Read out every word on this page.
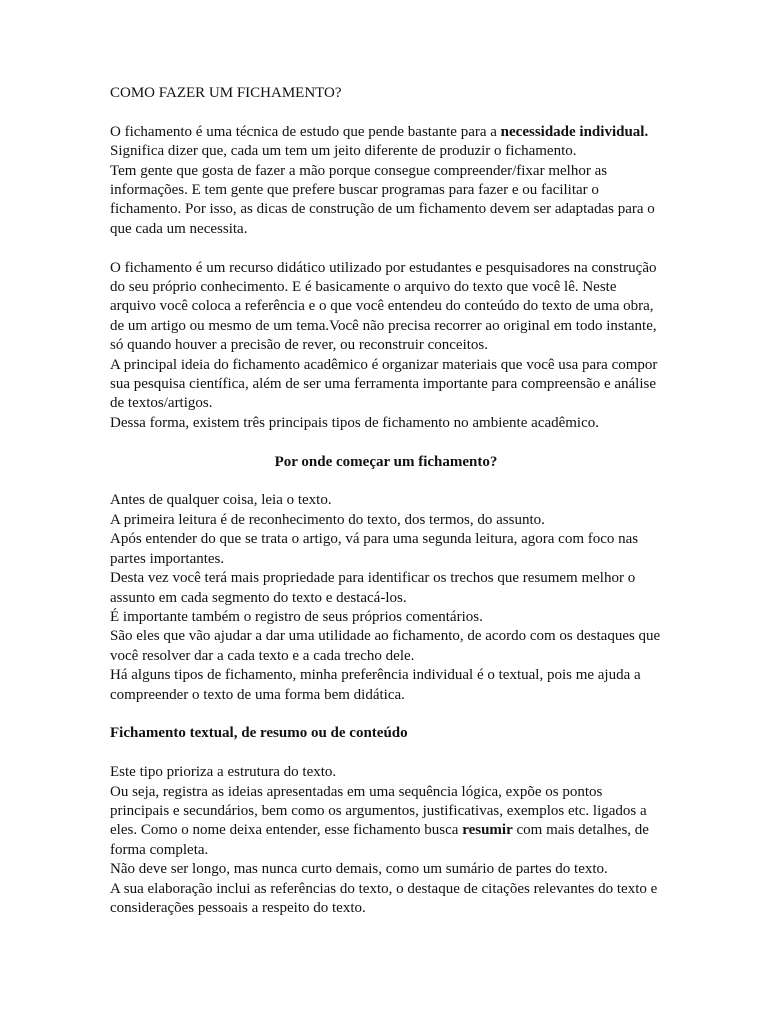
COMO FAZER UM FICHAMENTO?

O fichamento é uma técnica de estudo que pende bastante para a necessidade individual.

Significa dizer que, cada um tem um jeito diferente de produzir o fichamento.

Tem gente que gosta de fazer a mão porque consegue compreender/fixar melhor as informações. E tem gente que prefere buscar programas para fazer e ou facilitar o fichamento. Por isso, as dicas de construção de um fichamento devem ser adaptadas para o que cada um necessita.

O fichamento é um recurso didático utilizado por estudantes e pesquisadores na construção do seu próprio conhecimento. E é basicamente o arquivo do texto que você lê. Neste arquivo você coloca a referência e o que você entendeu do conteúdo do texto de uma obra, de um artigo ou mesmo de um tema.Você não precisa recorrer ao original em todo instante, só quando houver a precisão de rever, ou reconstruir conceitos.

A principal ideia do fichamento acadêmico é organizar materiais que você usa para compor sua pesquisa científica, além de ser uma ferramenta importante para compreensão e análise de textos/artigos.

Dessa forma, existem três principais tipos de fichamento no ambiente acadêmico.

Por onde começar um fichamento?

Antes de qualquer coisa, leia o texto.

A primeira leitura é de reconhecimento do texto, dos termos, do assunto.

Após entender do que se trata o artigo, vá para uma segunda leitura, agora com foco nas partes importantes.

Desta vez você terá mais propriedade para identificar os trechos que resumem melhor o assunto em cada segmento do texto e destacá-los.

É importante também o registro de seus próprios comentários.

São eles que vão ajudar a dar uma utilidade ao fichamento, de acordo com os destaques que você resolver dar a cada texto e a cada trecho dele.

Há alguns tipos de fichamento, minha preferência individual é o textual, pois me ajuda a compreender o texto de uma forma bem didática.

Fichamento textual, de resumo ou de conteúdo

Este tipo prioriza a estrutura do texto.

Ou seja, registra as ideias apresentadas em uma sequência lógica, expõe os pontos principais e secundários, bem como os argumentos, justificativas, exemplos etc. ligados a eles. Como o nome deixa entender, esse fichamento busca resumir com mais detalhes, de forma completa.

Não deve ser longo, mas nunca curto demais, como um sumário de partes do texto.

A sua elaboração inclui as referências do texto, o destaque de citações relevantes do texto e considerações pessoais a respeito do texto.
